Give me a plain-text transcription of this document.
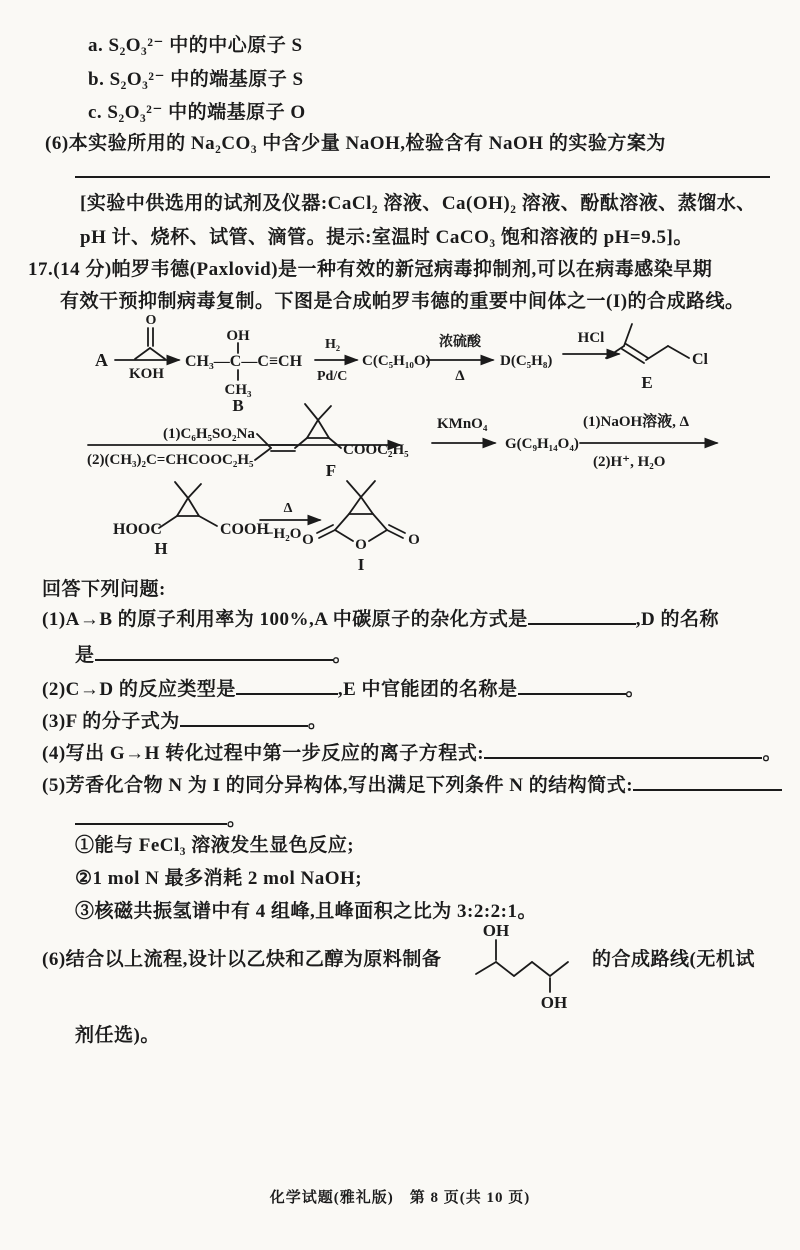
a. S₂O₃²⁻ 中的中心原子 S
b. S₂O₃²⁻ 中的端基原子 S
c. S₂O₃²⁻ 中的端基原子 O
(6)本实验所用的 Na₂CO₃ 中含少量 NaOH,检验含有 NaOH 的实验方案为
[实验中供选用的试剂及仪器:CaCl₂ 溶液、Ca(OH)₂ 溶液、酚酞溶液、蒸馏水、
pH 计、烧杯、试管、滴管。提示:室温时 CaCO₃ 饱和溶液的 pH=9.5]。
17.(14 分)帕罗韦德(Paxlovid)是一种有效的新冠病毒抑制剂,可以在病毒感染早期
有效干预抑制病毒复制。下图是合成帕罗韦德的重要中间体之一(I)的合成路线。
A
O
KOH
OH
CH₃—C—C≡CH
CH₃
B
H₂
Pd/C
C(C₅H₁₀O)
浓硫酸
Δ
D(C₅H₈)
HCl
Cl
E
(1)C₆H₅SO₂Na
(2)(CH₃)₂C=CHCOOC₂H₅
COOC₂H₅
F
KMnO₄
G(C₉H₁₄O₄)
(1)NaOH溶液, Δ
(2)H⁺, H₂O
HOOC	COOH
H
Δ
−H₂O O	O	O
I
回答下列问题:
(1)A→B 的原子利用率为 100%,A 中碳原子的杂化方式是	,D 的名称
是	。
(2)C→D 的反应类型是	,E 中官能团的名称是	。
(3)F 的分子式为	。
(4)写出 G→H 转化过程中第一步反应的离子方程式:	。
(5)芳香化合物 N 为 I 的同分异构体,写出满足下列条件 N 的结构简式:
。
①能与 FeCl₃ 溶液发生显色反应;
②1 mol N 最多消耗 2 mol NaOH;
③核磁共振氢谱中有 4 组峰,且峰面积之比为 3:2:2:1。
(6)结合以上流程,设计以乙炔和乙醇为原料制备
OH
OH
的合成路线(无机试
剂任选)。
化学试题(雅礼版)　第 8 页(共 10 页)
